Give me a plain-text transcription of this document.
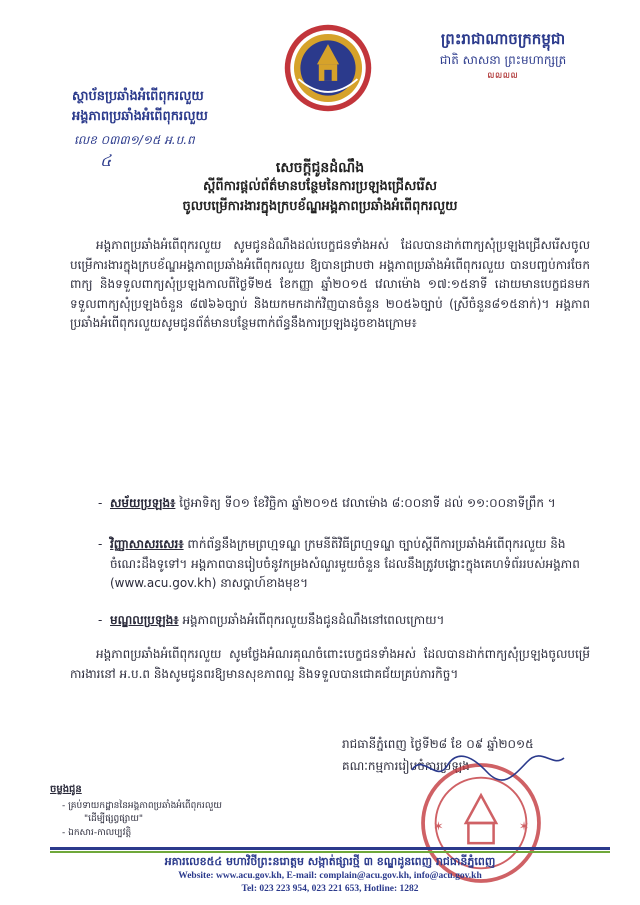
ព្រះរាជាណាចក្រកម្ពុជា
ជាតិ សាសនា ព្រះមហាក្សត្រ
໙໙໙໙
ស្ថាប័នប្រឆាំងអំពើពុករលួយ
អង្គភាពប្រឆាំងអំពើពុករលួយ
លេខ ០៣៣១/១៥ អ.ប.ព
៤	សេចក្តីជូនដំណឹង
ស្តីពីការផ្តល់ព័ត៌មានបន្ថែមនៃការប្រឡងជ្រើសរើស
ចូលបម្រើការងារក្នុងក្របខ័ណ្ឌអង្គភាពប្រឆាំងអំពើពុករលួយ
អង្គភាពប្រឆាំងអំពើពុករលួយ សូមជូនដំណឹងដល់បេក្ខជនទាំងអស់ ដែលបានដាក់ពាក្យសុំប្រឡងជ្រើសរើសចូលបម្រើការងារក្នុងក្របខ័ណ្ឌអង្គភាពប្រឆាំងអំពើពុករលួយ ឱ្យបានជ្រាបថា អង្គភាពប្រឆាំងអំពើពុករលួយ បានបញ្ចប់ការចែកពាក្យ និងទទួលពាក្យសុំប្រឡងកាលពីថ្ងៃទី២៥ ខែកញ្ញា ឆ្នាំ២០១៥ វេលាម៉ោង ១៧:១៥នាទី ដោយមានបេក្ខជនមកទទួលពាក្យសុំប្រឡងចំនួន ៨៧៦៦ច្បាប់ និងយកមកដាក់វិញបានចំនួន ២០៥៦ច្បាប់ (ស្រីចំនួន៨១៥នាក់)។ អង្គភាពប្រឆាំងអំពើពុករលួយសូមជូនព័ត៌មានបន្ថែមពាក់ព័ន្ធនឹងការប្រឡងដូចខាងក្រោម៖
- សម័យប្រឡង៖ ថ្ងៃអាទិត្យ ទី០១ ខែវិច្ឆិកា ឆ្នាំ២០១៥ វេលាម៉ោង ៨:០០នាទី ដល់ ១១:០០នាទីព្រឹក ។
- វិញ្ញាសាសរសេរ៖ ពាក់ព័ន្ធនឹងក្រមព្រហ្មទណ្ឌ ក្រមនីតិវិធីព្រហ្មទណ្ឌ ច្បាប់ស្តីពីការប្រឆាំងអំពើពុករលួយ និងចំណេះដឹងទូទៅ។ អង្គភាពបានរៀបចំនូវកម្រងសំណួរមួយចំនួន ដែលនឹងត្រូវបង្ហោះក្នុងគេហទំព័ររបស់អង្គភាព (www.acu.gov.kh) នាសប្តាហ៍ខាងមុខ។
- មណ្ឌលប្រឡង៖ អង្គភាពប្រឆាំងអំពើពុករលួយនឹងជូនដំណឹងនៅពេលក្រោយ។
អង្គភាពប្រឆាំងអំពើពុករលួយ សូមថ្លែងអំណរគុណចំពោះបេក្ខជនទាំងអស់ ដែលបានដាក់ពាក្យសុំប្រឡងចូលបម្រើការងារនៅ អ.ប.ព និងសូមជូនពរឱ្យមានសុខភាពល្អ និងទទួលបានជោគជ័យគ្រប់ភារកិច្ច។
រាជធានីភ្នំពេញ ថ្ងៃទី២៨ ខែ ០៩ ឆ្នាំ២០១៥
គណៈកម្មការរៀបចំការប្រឡង
✶	✶
ចម្លងជូន
- គ្រប់ទាយកដ្ឋាននៃអង្គភាពប្រឆាំងអំពើពុករលួយ
"ដើម្បីផ្សព្វផ្សាយ"
- ឯកសារ-កាលប្បវត្តិ
អគារលេខ៥៤ មហាវិថីព្រះនរោត្តម សង្កាត់ផ្សារថ្មី ៣ ខណ្ឌដូនពេញ រាជធានីភ្នំពេញ
Website: www.acu.gov.kh, E-mail: complain@acu.gov.kh, info@acu.gov.kh
Tel: 023 223 954, 023 221 653, Hotline: 1282
